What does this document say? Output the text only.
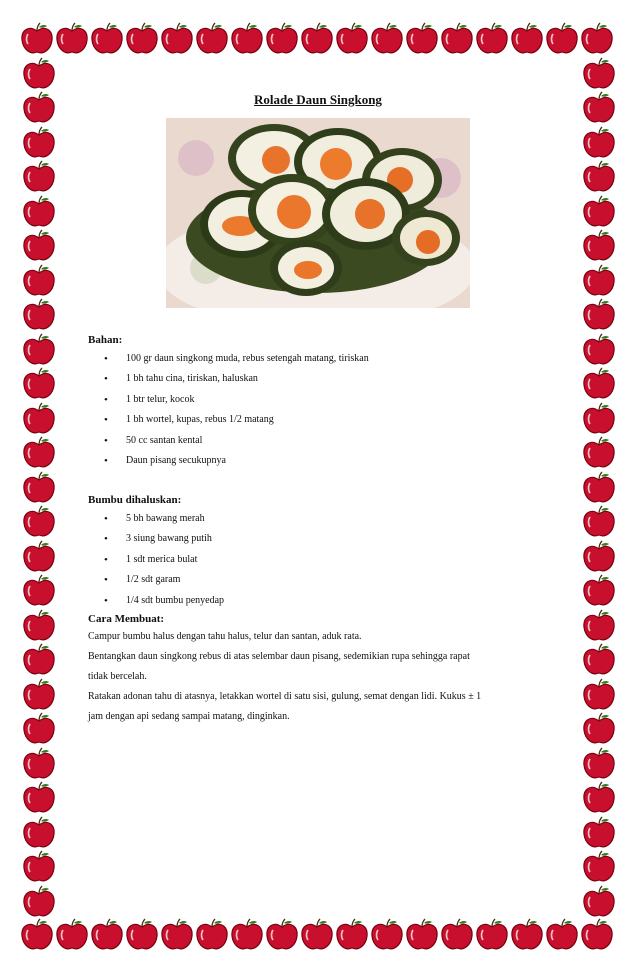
Rolade Daun Singkong
Bahan:
• 100 gr daun singkong muda, rebus setengah matang, tiriskan
• 1 bh tahu cina, tiriskan, haluskan
• 1 btr telur, kocok
• 1 bh wortel, kupas, rebus 1/2 matang
• 50 cc santan kental
• Daun pisang secukupnya
Bumbu dihaluskan:
• 5 bh bawang merah
• 3 siung bawang putih
• 1 sdt merica bulat
• 1/2 sdt garam
• 1/4 sdt bumbu penyedap
Cara Membuat:

Campur bumbu halus dengan tahu halus, telur dan santan, aduk rata.

Bentangkan daun singkong rebus di atas selembar daun pisang, sedemikian rupa sehingga rapat

tidak bercelah.

Ratakan adonan tahu di atasnya, letakkan wortel di satu sisi, gulung, semat dengan lidi. Kukus ± 1

jam dengan api sedang sampai matang, dinginkan.
